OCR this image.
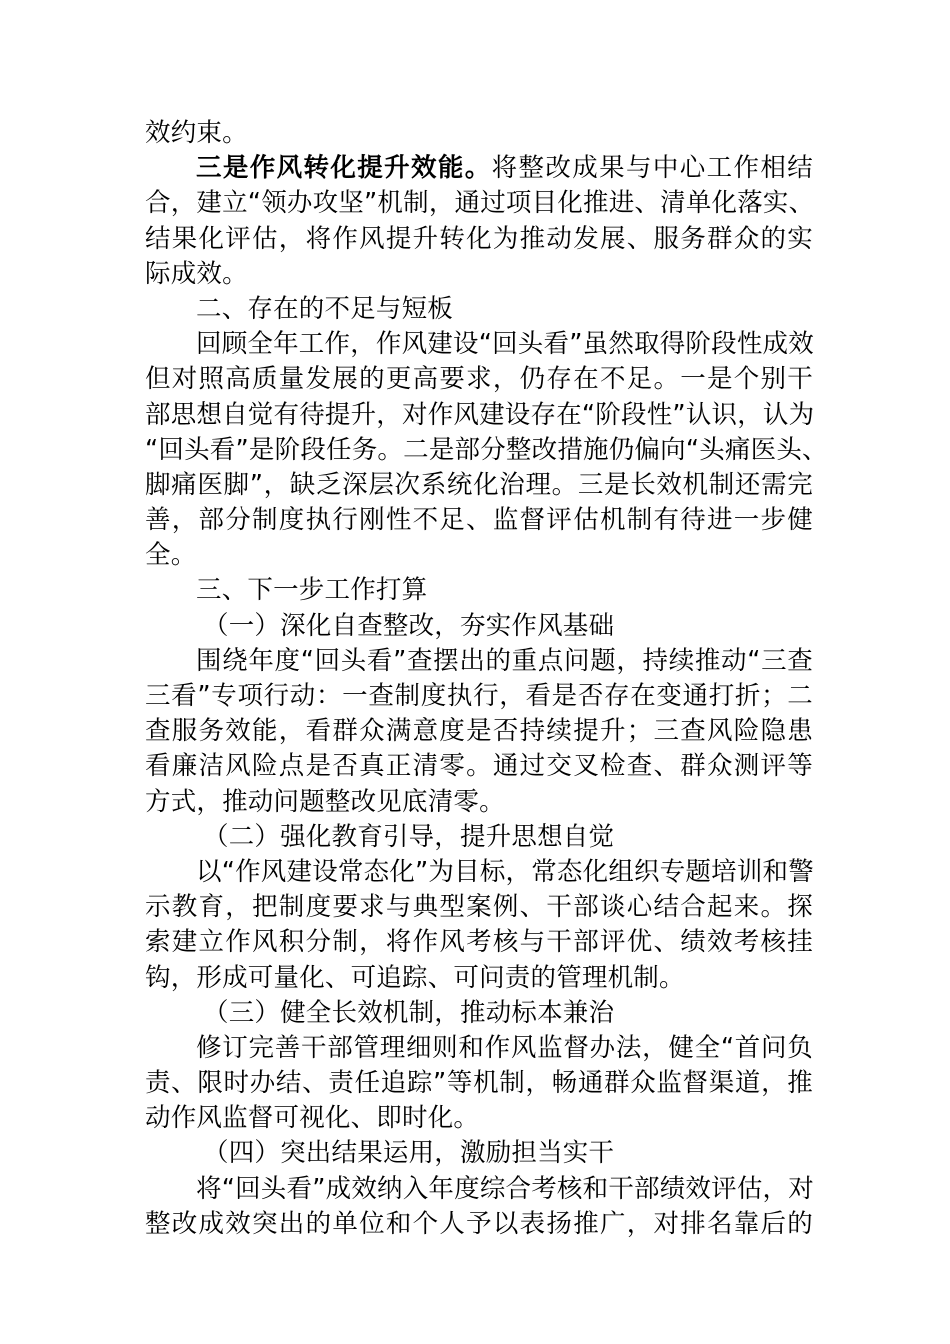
效约束。
三是作风转化提升效能。将整改成果与中心工作相结
合，建立“领办攻坚”机制，通过项目化推进、清单化落实、
结果化评估，将作风提升转化为推动发展、服务群众的实
际成效。
二、存在的不足与短板
回顾全年工作，作风建设“回头看”虽然取得阶段性成效
但对照高质量发展的更高要求，仍存在不足。一是个别干
部思想自觉有待提升，对作风建设存在“阶段性”认识，认为
“回头看”是阶段任务。二是部分整改措施仍偏向“头痛医头、
脚痛医脚”，缺乏深层次系统化治理。三是长效机制还需完
善，部分制度执行刚性不足、监督评估机制有待进一步健
全。
三、下一步工作打算
（一）深化自查整改，夯实作风基础
围绕年度“回头看”查摆出的重点问题，持续推动“三查
三看”专项行动：一查制度执行，看是否存在变通打折；二
查服务效能，看群众满意度是否持续提升；三查风险隐患
看廉洁风险点是否真正清零。通过交叉检查、群众测评等
方式，推动问题整改见底清零。
（二）强化教育引导，提升思想自觉
以“作风建设常态化”为目标，常态化组织专题培训和警
示教育，把制度要求与典型案例、干部谈心结合起来。探
索建立作风积分制，将作风考核与干部评优、绩效考核挂
钩，形成可量化、可追踪、可问责的管理机制。
（三）健全长效机制，推动标本兼治
修订完善干部管理细则和作风监督办法，健全“首问负
责、限时办结、责任追踪”等机制，畅通群众监督渠道，推
动作风监督可视化、即时化。
（四）突出结果运用，激励担当实干
将“回头看”成效纳入年度综合考核和干部绩效评估，对
整改成效突出的单位和个人予以表扬推广，对排名靠后的
